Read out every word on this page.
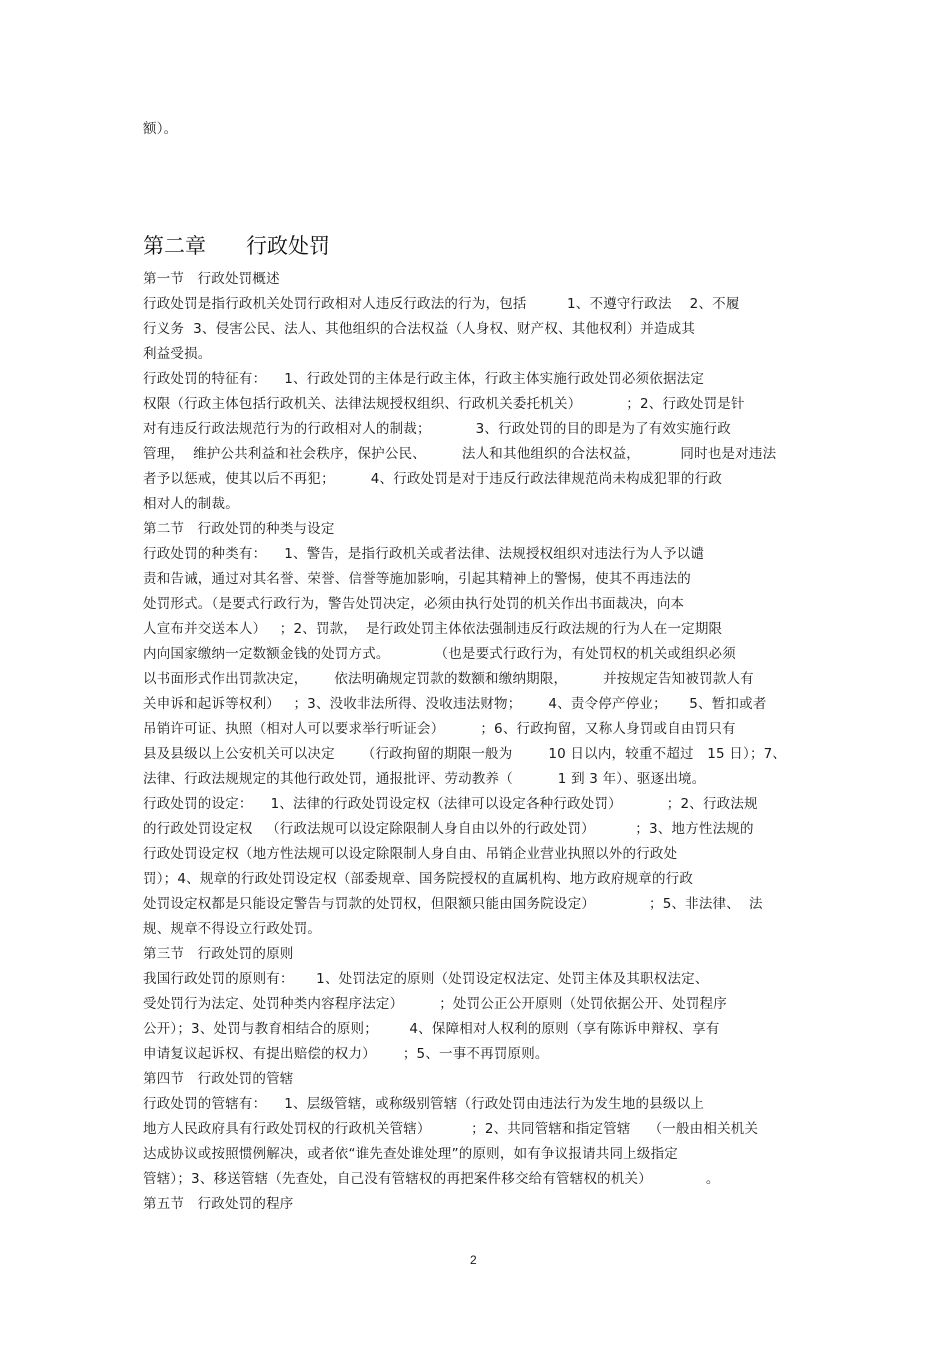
额）。
第二章      行政处罚
第一节   行政处罚概述
行政处罚是指行政机关处罚行政相对人违反行政法的行为，包括         1、不遵守行政法    2、不履
行义务  3、侵害公民、法人、其他组织的合法权益（人身权、财产权、其他权利）并造成其
利益受损。
行政处罚的特征有：    1、行政处罚的主体是行政主体，行政主体实施行政处罚必须依据法定
权限（行政主体包括行政机关、法律法规授权组织、行政机关委托机关）          ；2、行政处罚是针
对有违反行政法规范行为的行政相对人的制裁；          3、行政处罚的目的即是为了有效实施行政
管理，  维护公共利益和社会秩序，保护公民、        法人和其他组织的合法权益，         同时也是对违法
者予以惩戒，使其以后不再犯；        4、行政处罚是对于违反行政法律规范尚未构成犯罪的行政
相对人的制裁。
第二节   行政处罚的种类与设定
行政处罚的种类有：    1、警告，是指行政机关或者法律、法规授权组织对违法行为人予以谴
责和告诫，通过对其名誉、荣誉、信誉等施加影响，引起其精神上的警惕，使其不再违法的
处罚形式。（是要式行政行为，警告处罚决定，必须由执行处罚的机关作出书面裁决，向本
人宣布并交送本人）   ；2、罚款，  是行政处罚主体依法强制违反行政法规的行为人在一定期限
内向国家缴纳一定数额金钱的处罚方式。          （也是要式行政行为，有处罚权的机关或组织必须
以书面形式作出罚款决定，      依法明确规定罚款的数额和缴纳期限，        并按规定告知被罚款人有
关申诉和起诉等权利）   ；3、没收非法所得、没收违法财物；      4、责令停产停业；     5、暂扣或者
吊销许可证、执照（相对人可以要求举行听证会）        ；6、行政拘留，又称人身罚或自由罚只有
县及县级以上公安机关可以决定      （行政拘留的期限一般为        10 日以内，较重不超过   15 日）；7、
法律、行政法规规定的其他行政处罚，通报批评、劳动教养（          1 到 3 年）、驱逐出境。
行政处罚的设定：    1、法律的行政处罚设定权（法律可以设定各种行政处罚）          ；2、行政法规
的行政处罚设定权   （行政法规可以设定除限制人身自由以外的行政处罚）         ；3、地方性法规的
行政处罚设定权（地方性法规可以设定除限制人身自由、吊销企业营业执照以外的行政处
罚）；4、规章的行政处罚设定权（部委规章、国务院授权的直属机构、地方政府规章的行政
处罚设定权都是只能设定警告与罚款的处罚权，但限额只能由国务院设定）            ；5、非法律、  法
规、规章不得设立行政处罚。
第三节   行政处罚的原则
我国行政处罚的原则有：     1、处罚法定的原则（处罚设定权法定、处罚主体及其职权法定、
受处罚行为法定、处罚种类内容程序法定）        ；处罚公正公开原则（处罚依据公开、处罚程序
公开）；3、处罚与教育相结合的原则；       4、保障相对人权利的原则（享有陈诉申辩权、享有
申请复议起诉权、有提出赔偿的权力）      ；5、一事不再罚原则。
第四节   行政处罚的管辖
行政处罚的管辖有：    1、层级管辖，或称级别管辖（行政处罚由违法行为发生地的县级以上
地方人民政府具有行政处罚权的行政机关管辖）         ；2、共同管辖和指定管辖    （一般由相关机关
达成协议或按照惯例解决，或者依“谁先查处谁处理”的原则，如有争议报请共同上级指定
管辖）；3、移送管辖（先查处，自己没有管辖权的再把案件移交给有管辖权的机关）            。
第五节   行政处罚的程序
2
